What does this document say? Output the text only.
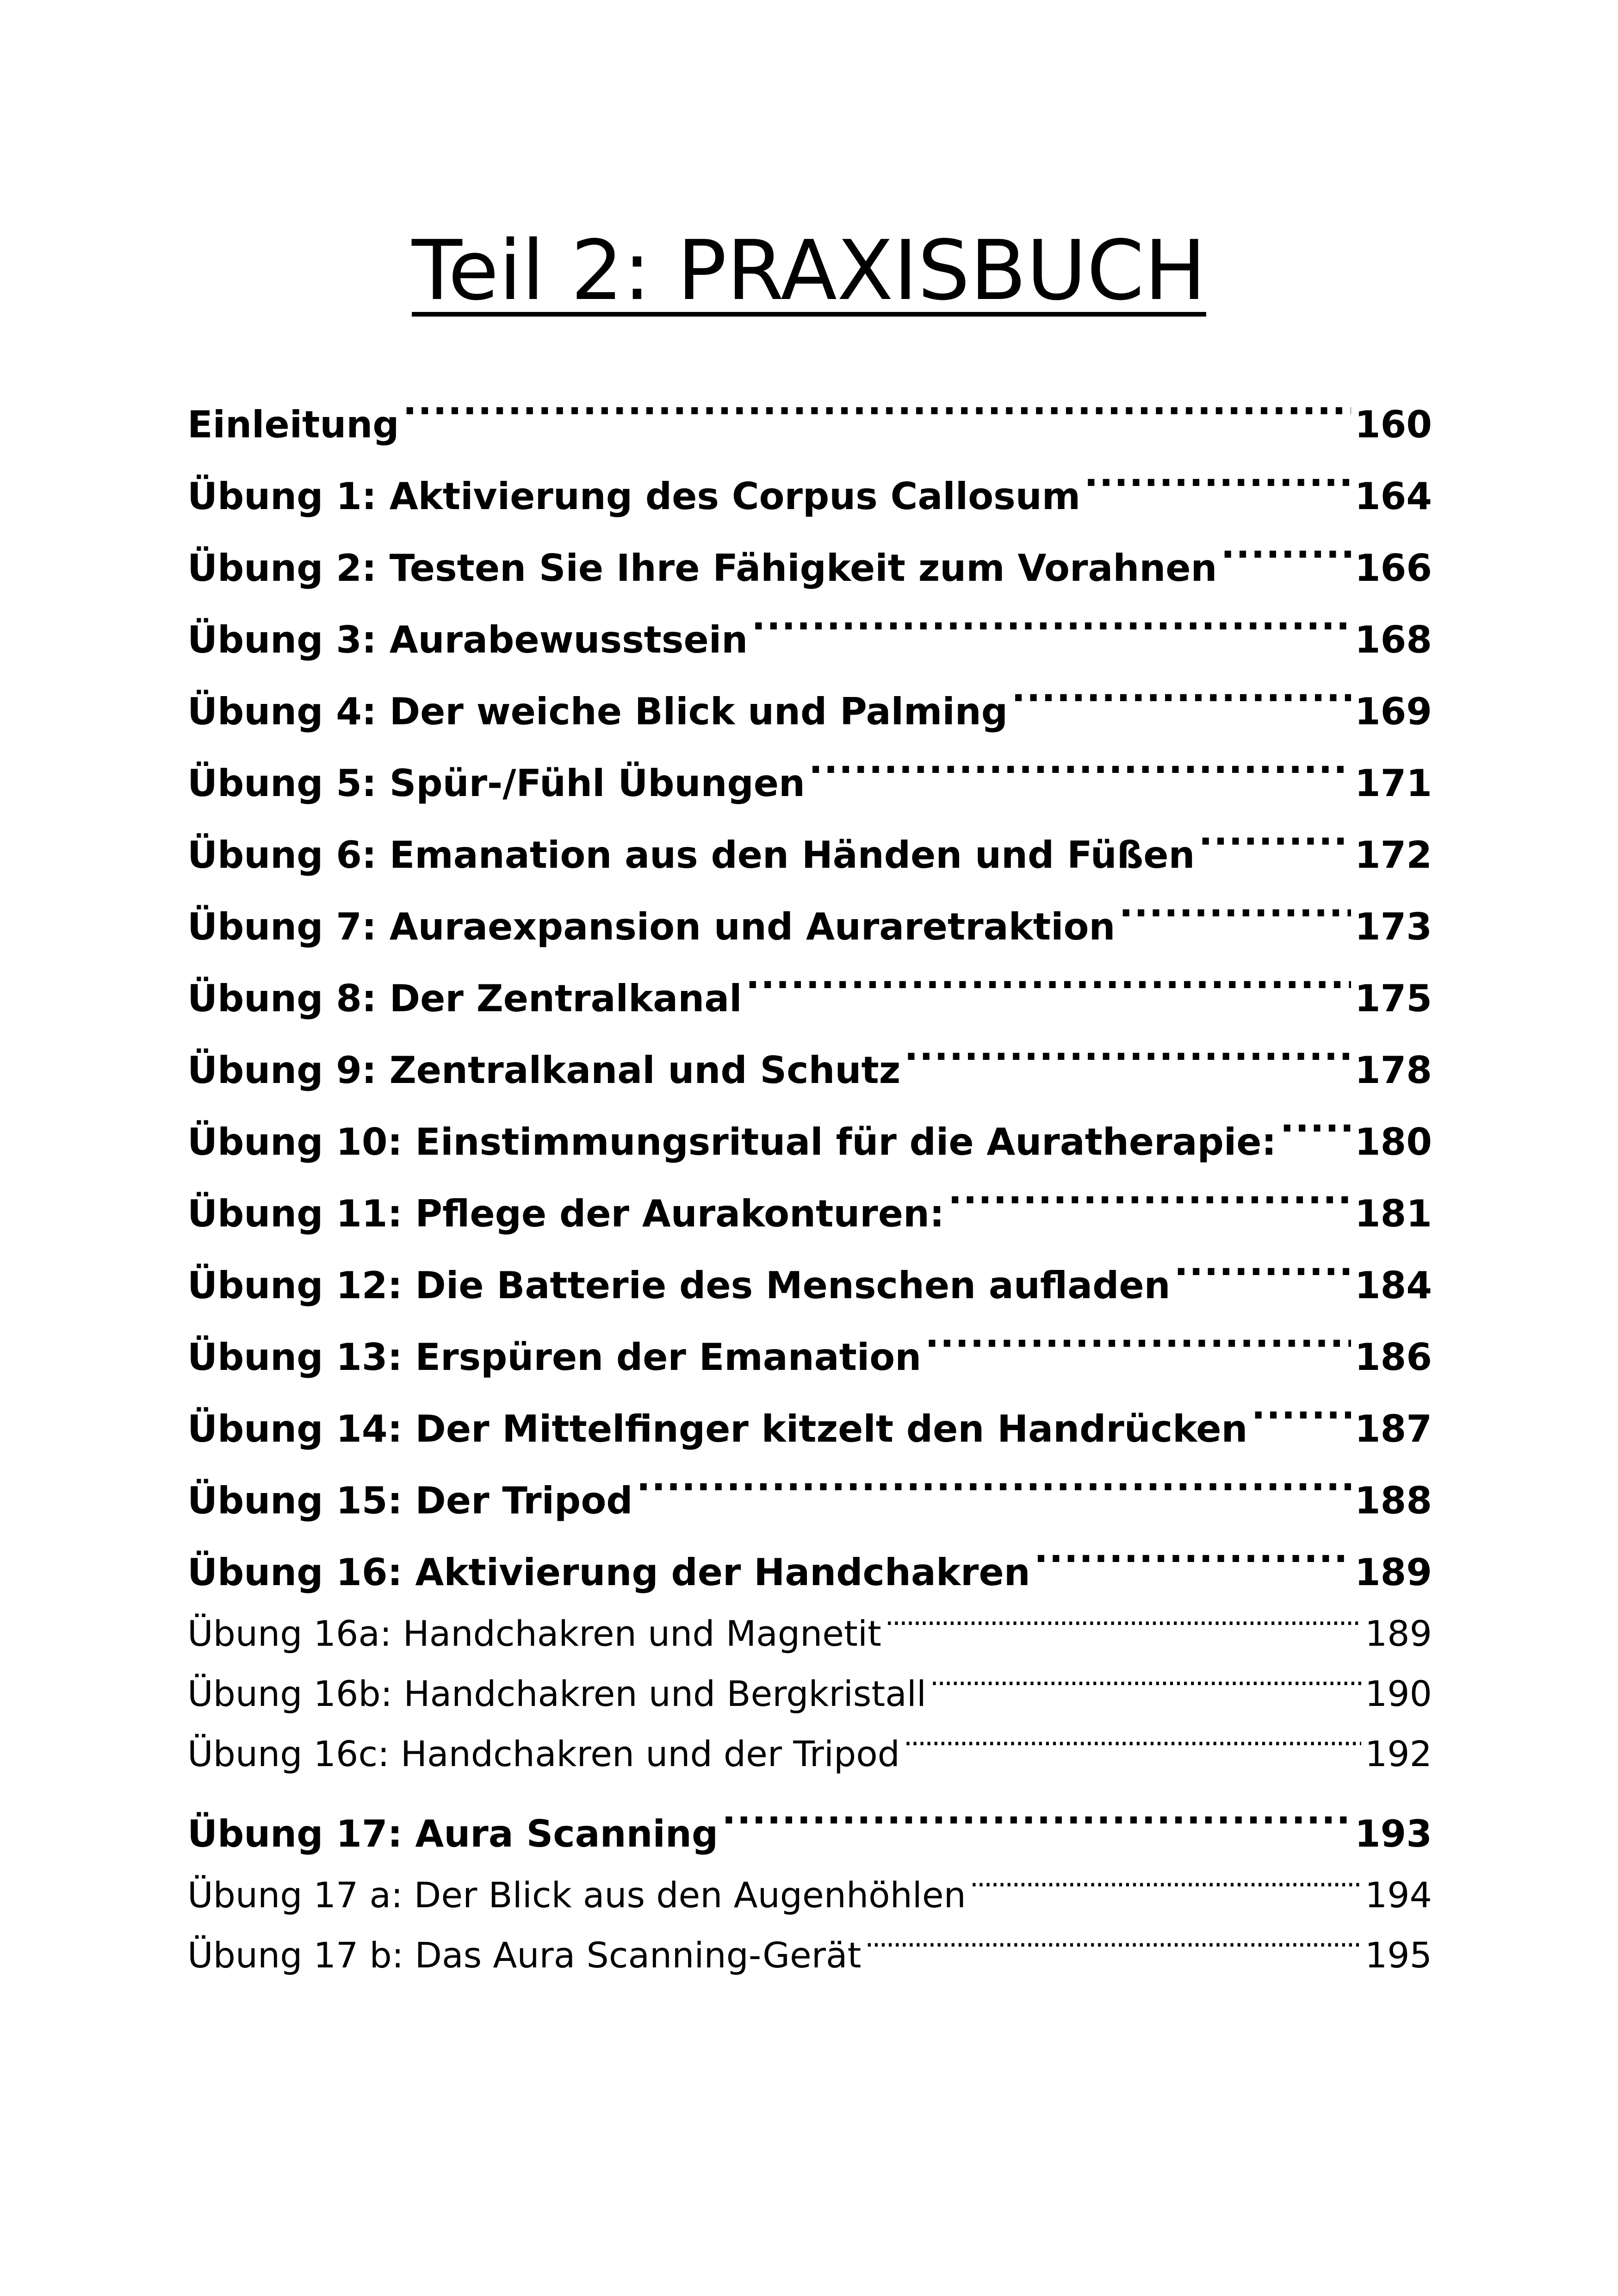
Teil 2: PRAXISBUCH
Einleitung .....	160
Übung 1: Aktivierung des Corpus Callosum .....	164
Übung 2: Testen Sie Ihre Fähigkeit zum Vorahnen .....	166
Übung 3: Aurabewusstsein .....	168
Übung 4: Der weiche Blick und Palming .....	169
Übung 5: Spür-/Fühl Übungen .....	171
Übung 6: Emanation aus den Händen und Füßen .....	172
Übung 7: Auraexpansion und Auraretraktion .....	173
Übung 8: Der Zentralkanal .....	175
Übung 9: Zentralkanal und Schutz .....	178
Übung 10: Einstimmungsritual für die Auratherapie: ..... 180
Übung 11: Pflege der Aurakonturen: .....	181
Übung 12: Die Batterie des Menschen aufladen .....	184
Übung 13: Erspüren der Emanation .....	186
Übung 14: Der Mittelfinger kitzelt den Handrücken .....	187
Übung 15: Der Tripod .....	188
Übung 16: Aktivierung der Handchakren .....	189
Übung 16a: Handchakren und Magnetit .....	189
Übung 16b: Handchakren und Bergkristall .....	190
Übung 16c: Handchakren und der Tripod .....	192
Übung 17: Aura Scanning .....	193
Übung 17 a: Der Blick aus den Augenhöhlen .....	194
Übung 17 b: Das Aura Scanning-Gerät .....	195
